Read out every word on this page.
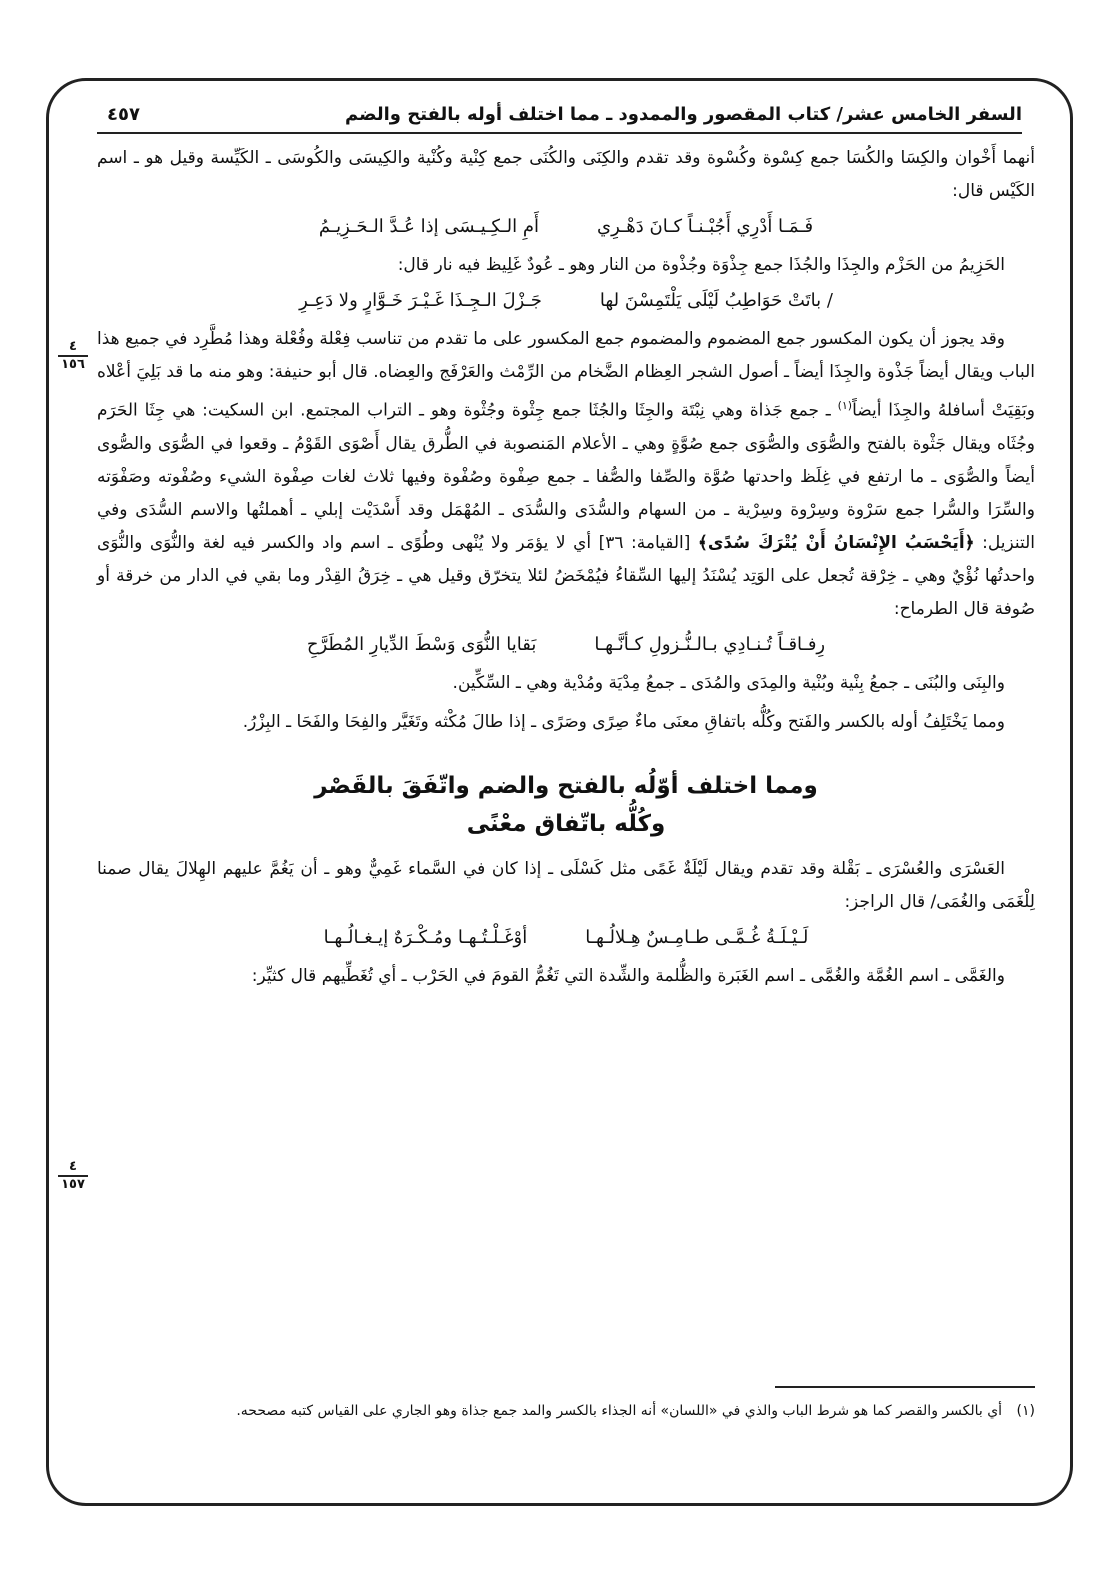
السفر الخامس عشر/ كتاب المقصور والممدود ـ مما اختلف أوله بالفتح والضم
٤٥٧
٤
١٥٦
٤
١٥٧

أنهما أَخْوان والكِسَا والكُسَا جمع كِسْوة وكُسْوة وقد تقدم والكِنَى والكُنَى جمع كِنْية وكُنْية والكِيسَى والكُوسَى ـ الكَيِّسة وقيل هو ـ اسم الكَيْس قال:

فَـمَـا أَدْرِي أَجُبْـنـاً كـانَ دَهْـرِي
أَمِ الـكِـيـسَى إذا عُـدَّ الـحَـزِيـمُ

الحَزِيمُ من الحَزْم والجِذَا والجُذَا جمع جِذْوَة وجُذْوة من النار وهو ـ عُودٌ غَلِيظ فيه نار قال:

/ باتَتْ حَوَاطِبُ لَيْلَى يَلْتَمِسْنَ لها
جَـزْلَ الـجِـذَا غَـيْـرَ خَـوَّارٍ ولا دَعِـرِ

وقد يجوز أن يكون المكسور جمع المضموم والمضموم جمع المكسور على ما تقدم من تناسب فِعْلة وفُعْلة وهذا مُطَّرِد في جميع هذا الباب ويقال أيضاً جَذْوة والجِذَا أيضاً ـ أصول الشجر العِظام الضَّخام من الرِّمْث والعَرْفَج والعِضاه. قال أبو حنيفة: وهو منه ما قد بَلِيَ أعْلاه وبَقِيَتْ أسافلهُ والجِذَا أيضاً$^{(١)}$ ـ جمع جَذاة وهي نِبْتَة والجِثَا والجُثَا جمع جِثْوة وجُثْوة وهو ـ التراب المجتمع. ابن السكيت: هي جِثَا الحَرَم وجُثَاه ويقال جَثْوة بالفتح والصُّوَى والصُّوَى جمع صُوَّةٍ وهي ـ الأعلام المَنصوبة في الطُّرق يقال أَصْوَى القَوْمُ ـ وقعوا في الصُّوَى والصُّوى أيضاً والصُّوَى ـ ما ارتفع في غِلَظ واحدتها صُوَّة والصِّفا والصُّفا ـ جمع صِفْوة وصُفْوة وفيها ثلاث لغات صِفْوة الشيء وصُفْوته وصَفْوَته والسِّرَا والسُّرا جمع سَرْوة وسِرْوة وسِرْية ـ من السهام والسُّدَى والسُّدَى ـ المُهْمَل وقد أَسْدَيْت إبلي ـ أهملتُها والاسم السُّدَى وفي التنزيل: ﴿أَيَحْسَبُ الإِنْسَانُ أَنْ يُتْرَكَ سُدًى﴾ [القيامة: ٣٦] أي لا يؤمَر ولا يُنْهى وطُوًى ـ اسم واد والكسر فيه لغة والنُّوَى والنُّوَى واحدتُها نُؤْيٌ وهي ـ خِرْقة تُجعل على الوَتِد يُسْنَدُ إليها السِّقاءُ فيُمْخَضُ لئلا يتخرّق وقيل هي ـ خِرَقُ القِدْر وما بقي في الدار من خرقة أو صُوفة قال الطرماح:

رِفـاقـاً تُـنـادِي بـالـنُّـزولِ كـأنَّـهـا
بَقايا النُّوَى وَسْطَ الدِّيارِ المُطَرَّحِ

والبِنَى والبُنَى ـ جمعُ بِنْية وبُنْية والمِدَى والمُدَى ـ جمعُ مِدْيَة ومُدْية وهي ـ السِّكِّين.

ومما يَخْتَلِفُ أوله بالكسر والفَتح وكُلُّه باتفاقِ معنَى ماءٌ صِرًى وصَرًى ـ إذا طالَ مُكْثه وتَغَيَّر والفِحَا والفَحَا ـ البِزْرُ.

ومما اختلف أوّلُه بالفتح والضم واتّفَقَ بالقَصْر
وكُلُّه باتّفاق معْنًى

العَسْرَى والعُسْرَى ـ بَقْلة وقد تقدم ويقال لَيْلَةٌ غَمًى مثل كَسْلَى ـ إذا كان في السَّماء غَمِيٌّ وهو ـ أن يَغُمَّ عليهم الهِلالَ يقال صمنا لِلْغَمَى والغُمَى/ قال الراجز:

لَـيْـلَـةُ غُـمَّـى طـامِـسٌ هِـلالُـهـا
أوْغَـلْـتُـهـا ومُـكْـرَهٌ إيـغـالُـهـا

والغَمَّى ـ اسم الغُمَّة والغُمَّى ـ اسم الغَبَرة والظُّلمة والشِّدة التي تَغُمُّ القومَ في الحَرْب ـ أي تُغَطِّيهم قال كثيِّر:

(١) أي بالكسر والقصر كما هو شرط الباب والذي في «اللسان» أنه الجذاء بالكسر والمد جمع جذاة وهو الجاري على القياس كتبه مصححه.
